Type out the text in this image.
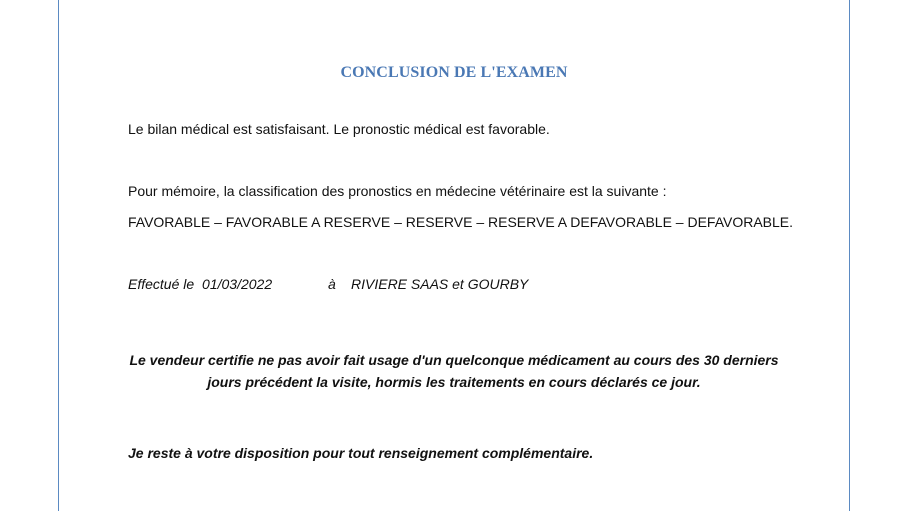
CONCLUSION DE L'EXAMEN
Le bilan médical est satisfaisant. Le pronostic médical est favorable.
Pour mémoire, la classification des pronostics en médecine vétérinaire est la suivante :
FAVORABLE – FAVORABLE A RESERVE – RESERVE – RESERVE A DEFAVORABLE – DEFAVORABLE.
Effectué le 01/03/2022	à RIVIERE SAAS et GOURBY
Le vendeur certifie ne pas avoir fait usage d'un quelconque médicament au cours des 30 derniers
jours précédent la visite, hormis les traitements en cours déclarés ce jour.
Je reste à votre disposition pour tout renseignement complémentaire.
